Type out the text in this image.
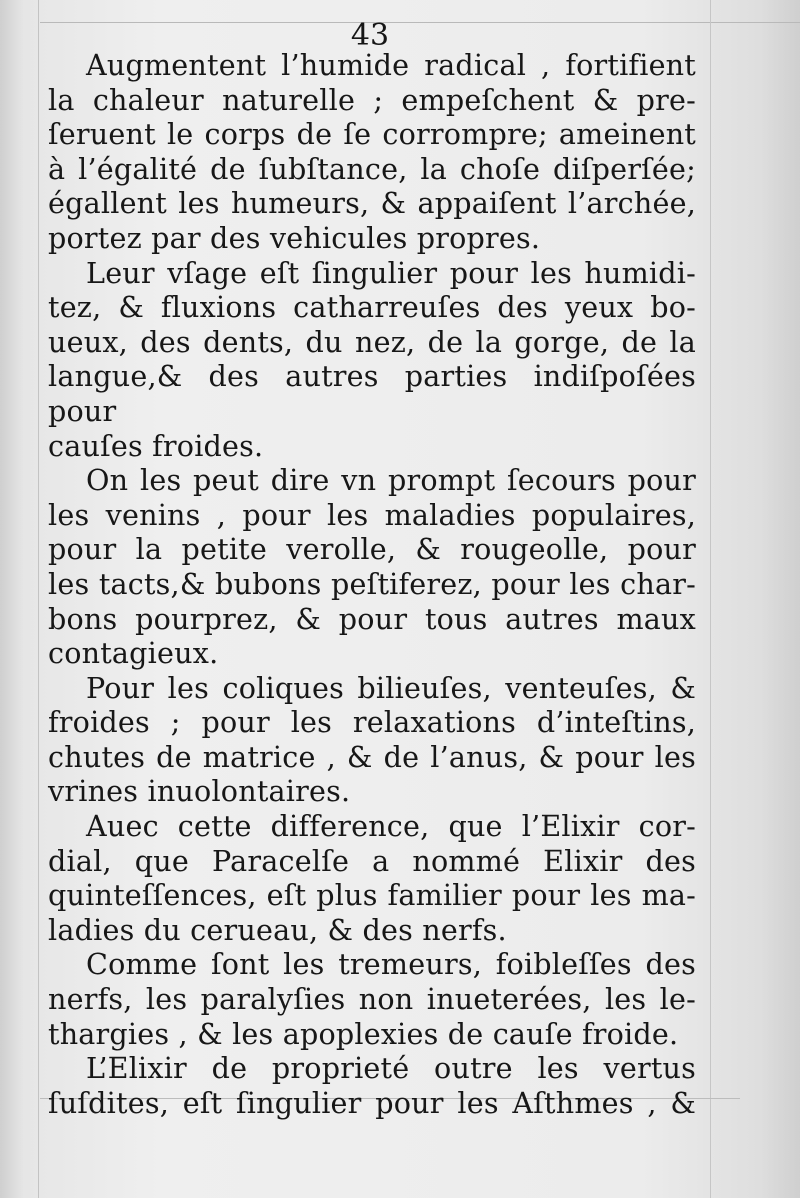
43

Augmentent l’humide radical , fortifient

la chaleur naturelle ; empeſchent & pre-

ſeruent le corps de ſe corrompre; ameinent

à l’égalité de ſubſtance, la choſe diſperſée;

égallent les humeurs, & appaiſent l’archée,

portez par des vehicules propres.

Leur vſage eſt ſingulier pour les humidi-

tez, & fluxions catharreuſes des yeux bo-

ueux, des dents, du nez, de la gorge, de la

langue,& des autres parties indiſpoſées pour

cauſes froides.

On les peut dire vn prompt ſecours pour

les venins , pour les maladies populaires,

pour la petite verolle, & rougeolle, pour

les tacts,& bubons peſtiferez, pour les char-

bons pourprez, & pour tous autres maux

contagieux.

Pour les coliques bilieuſes, venteuſes, &

froides ; pour les relaxations d’inteſtins,

chutes de matrice , & de l’anus, & pour les

vrines inuolontaires.

Auec cette difference, que l’Elixir cor-

dial, que Paracelſe a nommé Elixir des

quinteſſences, eſt plus familier pour les ma-

ladies du cerueau, & des nerfs.

Comme ſont les tremeurs, foibleſſes des

nerfs, les paralyſies non inueterées, les le-

thargies , & les apoplexies de cauſe froide.

L’Elixir de proprieté outre les vertus

ſuſdites, eſt ſingulier pour les Aſthmes , &
